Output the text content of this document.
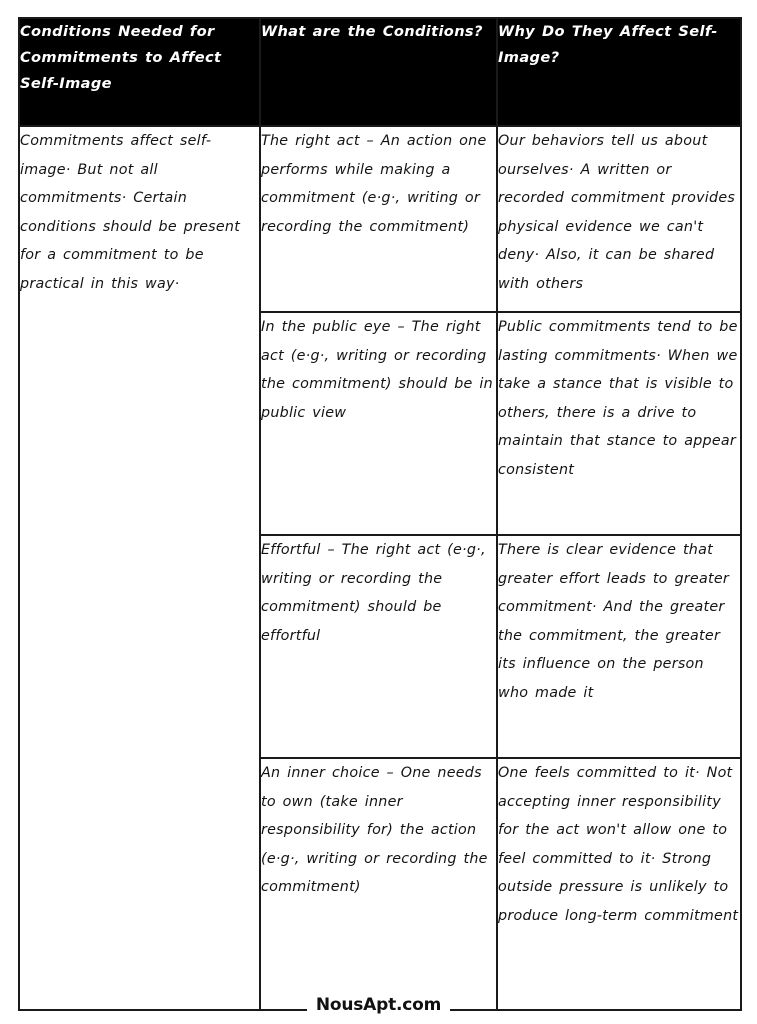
Conditions Needed for Commitments to Affect Self-Image	What are the Conditions?	Why Do They Affect Self-Image?

Commitments affect self-image· But not all commitments· Certain conditions should be present for a commitment to be practical in this way·	The right act – An action one performs while making a commitment (e·g·, writing or recording the commitment)	Our behaviors tell us about ourselves· A written or recorded commitment provides physical evidence we can't deny· Also, it can be shared with others

	In the public eye – The right act (e·g·, writing or recording the commitment) should be in public view	Public commitments tend to be lasting commitments· When we take a stance that is visible to others, there is a drive to maintain that stance to appear consistent

	Effortful – The right act (e·g·, writing or recording the commitment) should be effortful	There is clear evidence that greater effort leads to greater commitment· And the greater the commitment, the greater its influence on the person who made it

	An inner choice – One needs to own (take inner responsibility for) the action (e·g·, writing or recording the commitment)	One feels committed to it· Not accepting inner responsibility for the act won't allow one to feel committed to it· Strong outside pressure is unlikely to produce long-term commitment
NousApt.com
